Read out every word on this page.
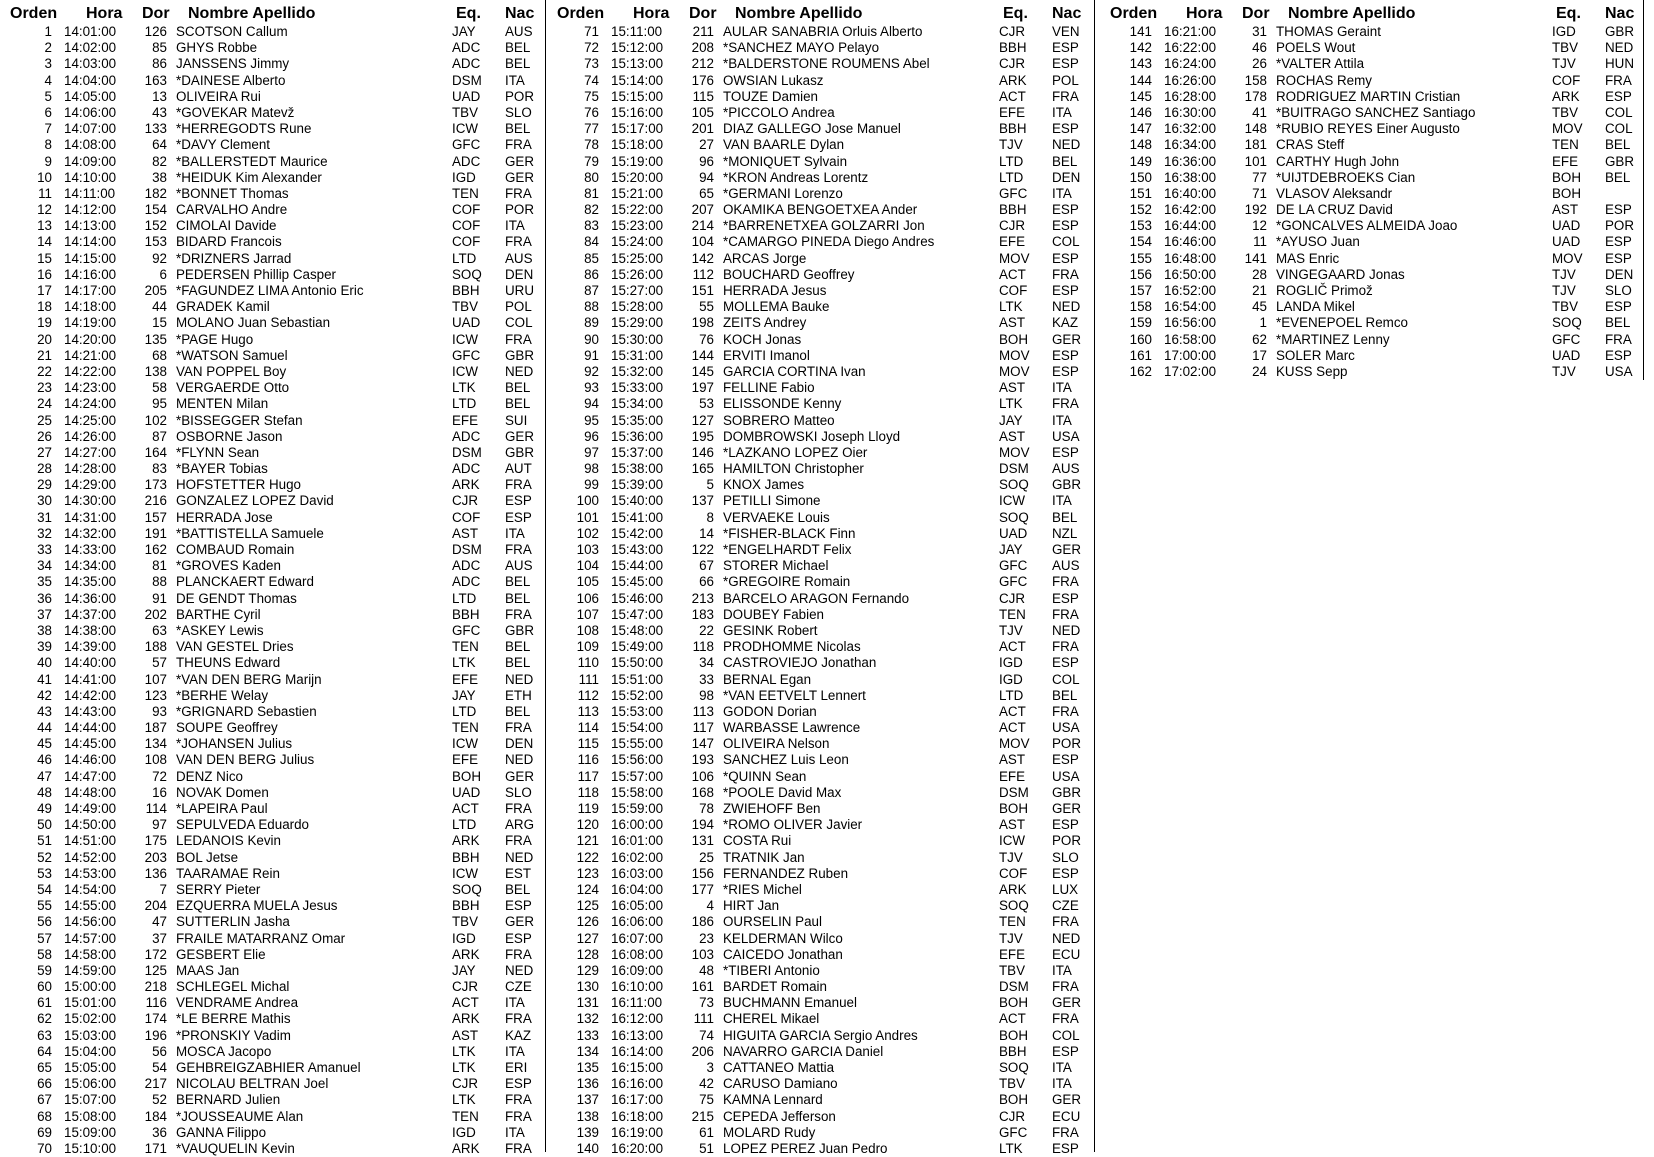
Orden Hora Dor Nombre Apellido	Eq. Nac
1 14:01:00 126 SCOTSON Callum	JAY AUS
2 14:02:00	85 GHYS Robbe	ADC BEL
3 14:03:00	86 JANSSENS Jimmy	ADC BEL
4 14:04:00 163 *DAINESE Alberto	DSM ITA
5 14:05:00	13 OLIVEIRA Rui	UAD POR
6 14:06:00	43 *GOVEKAR Matevž	TBV SLO
7 14:07:00 133 *HERREGODTS Rune	ICW BEL
8 14:08:00	64 *DAVY Clement	GFC FRA
9 14:09:00	82 *BALLERSTEDT Maurice	ADC GER
10 14:10:00	38 *HEIDUK Kim Alexander	IGD GER
11 14:11:00 182 *BONNET Thomas	TEN FRA
12 14:12:00 154 CARVALHO Andre	COF POR
13 14:13:00 152 CIMOLAI Davide	COF ITA
14 14:14:00 153 BIDARD Francois	COF FRA
15 14:15:00	92 *DRIZNERS Jarrad	LTD AUS
16 14:16:00	6 PEDERSEN Phillip Casper	SOQ DEN
17 14:17:00 205 *FAGUNDEZ LIMA Antonio Eric	BBH URU
18 14:18:00	44 GRADEK Kamil	TBV POL
19 14:19:00	15 MOLANO Juan Sebastian	UAD COL
20 14:20:00 135 *PAGE Hugo	ICW FRA
21 14:21:00	68 *WATSON Samuel	GFC GBR
22 14:22:00 138 VAN POPPEL Boy	ICW NED
23 14:23:00	58 VERGAERDE Otto	LTK BEL
24 14:24:00	95 MENTEN Milan	LTD BEL
25 14:25:00 102 *BISSEGGER Stefan	EFE SUI
26 14:26:00	87 OSBORNE Jason	ADC GER
27 14:27:00 164 *FLYNN Sean	DSM GBR
28 14:28:00	83 *BAYER Tobias	ADC AUT
29 14:29:00 173 HOFSTETTER Hugo	ARK FRA
30 14:30:00 216 GONZALEZ LOPEZ David	CJR ESP
31 14:31:00 157 HERRADA Jose	COF ESP
32 14:32:00 191 *BATTISTELLA Samuele	AST ITA
33 14:33:00 162 COMBAUD Romain	DSM FRA
34 14:34:00	81 *GROVES Kaden	ADC AUS
35 14:35:00	88 PLANCKAERT Edward	ADC BEL
36 14:36:00	91 DE GENDT Thomas	LTD BEL
37 14:37:00 202 BARTHE Cyril	BBH FRA
38 14:38:00	63 *ASKEY Lewis	GFC GBR
39 14:39:00 188 VAN GESTEL Dries	TEN BEL
40 14:40:00	57 THEUNS Edward	LTK BEL
41 14:41:00 107 *VAN DEN BERG Marijn	EFE NED
42 14:42:00 123 *BERHE Welay	JAY ETH
43 14:43:00	93 *GRIGNARD Sebastien	LTD BEL
44 14:44:00 187 SOUPE Geoffrey	TEN FRA
45 14:45:00 134 *JOHANSEN Julius	ICW DEN
46 14:46:00 108 VAN DEN BERG Julius	EFE NED
47 14:47:00	72 DENZ Nico	BOH GER
48 14:48:00	16 NOVAK Domen	UAD SLO
49 14:49:00 114 *LAPEIRA Paul	ACT FRA
50 14:50:00	97 SEPULVEDA Eduardo	LTD ARG
51 14:51:00 175 LEDANOIS Kevin	ARK FRA
52 14:52:00 203 BOL Jetse	BBH NED
53 14:53:00 136 TAARAMAE Rein	ICW EST
54 14:54:00	7 SERRY Pieter	SOQ BEL
55 14:55:00 204 EZQUERRA MUELA Jesus	BBH ESP
56 14:56:00	47 SUTTERLIN Jasha	TBV GER
57 14:57:00	37 FRAILE MATARRANZ Omar	IGD ESP
58 14:58:00 172 GESBERT Elie	ARK FRA
59 14:59:00 125 MAAS Jan	JAY NED
60 15:00:00 218 SCHLEGEL Michal	CJR CZE
61 15:01:00 116 VENDRAME Andrea	ACT ITA
62 15:02:00 174 *LE BERRE Mathis	ARK FRA
63 15:03:00 196 *PRONSKIY Vadim	AST KAZ
64 15:04:00	56 MOSCA Jacopo	LTK ITA
65 15:05:00	54 GEHBREIGZABHIER Amanuel	LTK ERI
66 15:06:00 217 NICOLAU BELTRAN Joel	CJR ESP
67 15:07:00	52 BERNARD Julien	LTK FRA
68 15:08:00 184 *JOUSSEAUME Alan	TEN FRA
69 15:09:00	36 GANNA Filippo	IGD ITA
70 15:10:00 171 *VAUQUELIN Kevin	ARK FRA
Orden Hora Dor Nombre Apellido	Eq. Nac
71 15:11:00 211 AULAR SANABRIA Orluis Alberto	CJR VEN
72 15:12:00 208 *SANCHEZ MAYO Pelayo	BBH ESP
73 15:13:00 212 *BALDERSTONE ROUMENS Abel	CJR ESP
74 15:14:00 176 OWSIAN Lukasz	ARK POL
75 15:15:00 115 TOUZE Damien	ACT FRA
76 15:16:00 105 *PICCOLO Andrea	EFE ITA
77 15:17:00 201 DIAZ GALLEGO Jose Manuel	BBH ESP
78 15:18:00	27 VAN BAARLE Dylan	TJV NED
79 15:19:00	96 *MONIQUET Sylvain	LTD BEL
80 15:20:00	94 *KRON Andreas Lorentz	LTD DEN
81 15:21:00	65 *GERMANI Lorenzo	GFC ITA
82 15:22:00 207 OKAMIKA BENGOETXEA Ander	BBH ESP
83 15:23:00 214 *BARRENETXEA GOLZARRI Jon	CJR ESP
84 15:24:00 104 *CAMARGO PINEDA Diego Andres	EFE COL
85 15:25:00 142 ARCAS Jorge	MOV ESP
86 15:26:00 112 BOUCHARD Geoffrey	ACT FRA
87 15:27:00 151 HERRADA Jesus	COF ESP
88 15:28:00	55 MOLLEMA Bauke	LTK NED
89 15:29:00 198 ZEITS Andrey	AST KAZ
90 15:30:00	76 KOCH Jonas	BOH GER
91 15:31:00 144 ERVITI Imanol	MOV ESP
92 15:32:00 145 GARCIA CORTINA Ivan	MOV ESP
93 15:33:00 197 FELLINE Fabio	AST ITA
94 15:34:00	53 ELISSONDE Kenny	LTK FRA
95 15:35:00 127 SOBRERO Matteo	JAY ITA
96 15:36:00 195 DOMBROWSKI Joseph Lloyd	AST USA
97 15:37:00 146 *LAZKANO LOPEZ Oier	MOV ESP
98 15:38:00 165 HAMILTON Christopher	DSM AUS
99 15:39:00	5 KNOX James	SOQ GBR
100 15:40:00 137 PETILLI Simone	ICW ITA
101 15:41:00	8 VERVAEKE Louis	SOQ BEL
102 15:42:00	14 *FISHER-BLACK Finn	UAD NZL
103 15:43:00 122 *ENGELHARDT Felix	JAY GER
104 15:44:00	67 STORER Michael	GFC AUS
105 15:45:00	66 *GREGOIRE Romain	GFC FRA
106 15:46:00 213 BARCELO ARAGON Fernando	CJR ESP
107 15:47:00 183 DOUBEY Fabien	TEN FRA
108 15:48:00	22 GESINK Robert	TJV NED
109 15:49:00 118 PRODHOMME Nicolas	ACT FRA
110 15:50:00	34 CASTROVIEJO Jonathan	IGD ESP
111 15:51:00	33 BERNAL Egan	IGD COL
112 15:52:00	98 *VAN EETVELT Lennert	LTD BEL
113 15:53:00 113 GODON Dorian	ACT FRA
114 15:54:00 117 WARBASSE Lawrence	ACT USA
115 15:55:00 147 OLIVEIRA Nelson	MOV POR
116 15:56:00 193 SANCHEZ Luis Leon	AST ESP
117 15:57:00 106 *QUINN Sean	EFE USA
118 15:58:00 168 *POOLE David Max	DSM GBR
119 15:59:00	78 ZWIEHOFF Ben	BOH GER
120 16:00:00 194 *ROMO OLIVER Javier	AST ESP
121 16:01:00 131 COSTA Rui	ICW POR
122 16:02:00	25 TRATNIK Jan	TJV SLO
123 16:03:00 156 FERNANDEZ Ruben	COF ESP
124 16:04:00 177 *RIES Michel	ARK LUX
125 16:05:00	4 HIRT Jan	SOQ CZE
126 16:06:00 186 OURSELIN Paul	TEN FRA
127 16:07:00	23 KELDERMAN Wilco	TJV NED
128 16:08:00 103 CAICEDO Jonathan	EFE ECU
129 16:09:00	48 *TIBERI Antonio	TBV ITA
130 16:10:00 161 BARDET Romain	DSM FRA
131 16:11:00	73 BUCHMANN Emanuel	BOH GER
132 16:12:00 111 CHEREL Mikael	ACT FRA
133 16:13:00	74 HIGUITA GARCIA Sergio Andres	BOH COL
134 16:14:00 206 NAVARRO GARCIA Daniel	BBH ESP
135 16:15:00	3 CATTANEO Mattia	SOQ ITA
136 16:16:00	42 CARUSO Damiano	TBV ITA
137 16:17:00	75 KAMNA Lennard	BOH GER
138 16:18:00 215 CEPEDA Jefferson	CJR ECU
139 16:19:00	61 MOLARD Rudy	GFC FRA
140 16:20:00	51 LOPEZ PEREZ Juan Pedro	LTK ESP
Orden Hora Dor Nombre Apellido	Eq. Nac
141 16:21:00	31 THOMAS Geraint	IGD GBR
142 16:22:00	46 POELS Wout	TBV NED
143 16:24:00	26 *VALTER Attila	TJV HUN
144 16:26:00 158 ROCHAS Remy	COF FRA
145 16:28:00 178 RODRIGUEZ MARTIN Cristian	ARK ESP
146 16:30:00	41 *BUITRAGO SANCHEZ Santiago	TBV COL
147 16:32:00 148 *RUBIO REYES Einer Augusto	MOV COL
148 16:34:00 181 CRAS Steff	TEN BEL
149 16:36:00 101 CARTHY Hugh John	EFE GBR
150 16:38:00	77 *UIJTDEBROEKS Cian	BOH BEL
151 16:40:00	71 VLASOV Aleksandr	BOH
152 16:42:00 192 DE LA CRUZ David	AST ESP
153 16:44:00	12 *GONCALVES ALMEIDA Joao	UAD POR
154 16:46:00	11 *AYUSO Juan	UAD ESP
155 16:48:00 141 MAS Enric	MOV ESP
156 16:50:00	28 VINGEGAARD Jonas	TJV DEN
157 16:52:00	21 ROGLIČ Primož	TJV SLO
158 16:54:00	45 LANDA Mikel	TBV ESP
159 16:56:00	1 *EVENEPOEL Remco	SOQ BEL
160 16:58:00	62 *MARTINEZ Lenny	GFC FRA
161 17:00:00	17 SOLER Marc	UAD ESP
162 17:02:00	24 KUSS Sepp	TJV USA
